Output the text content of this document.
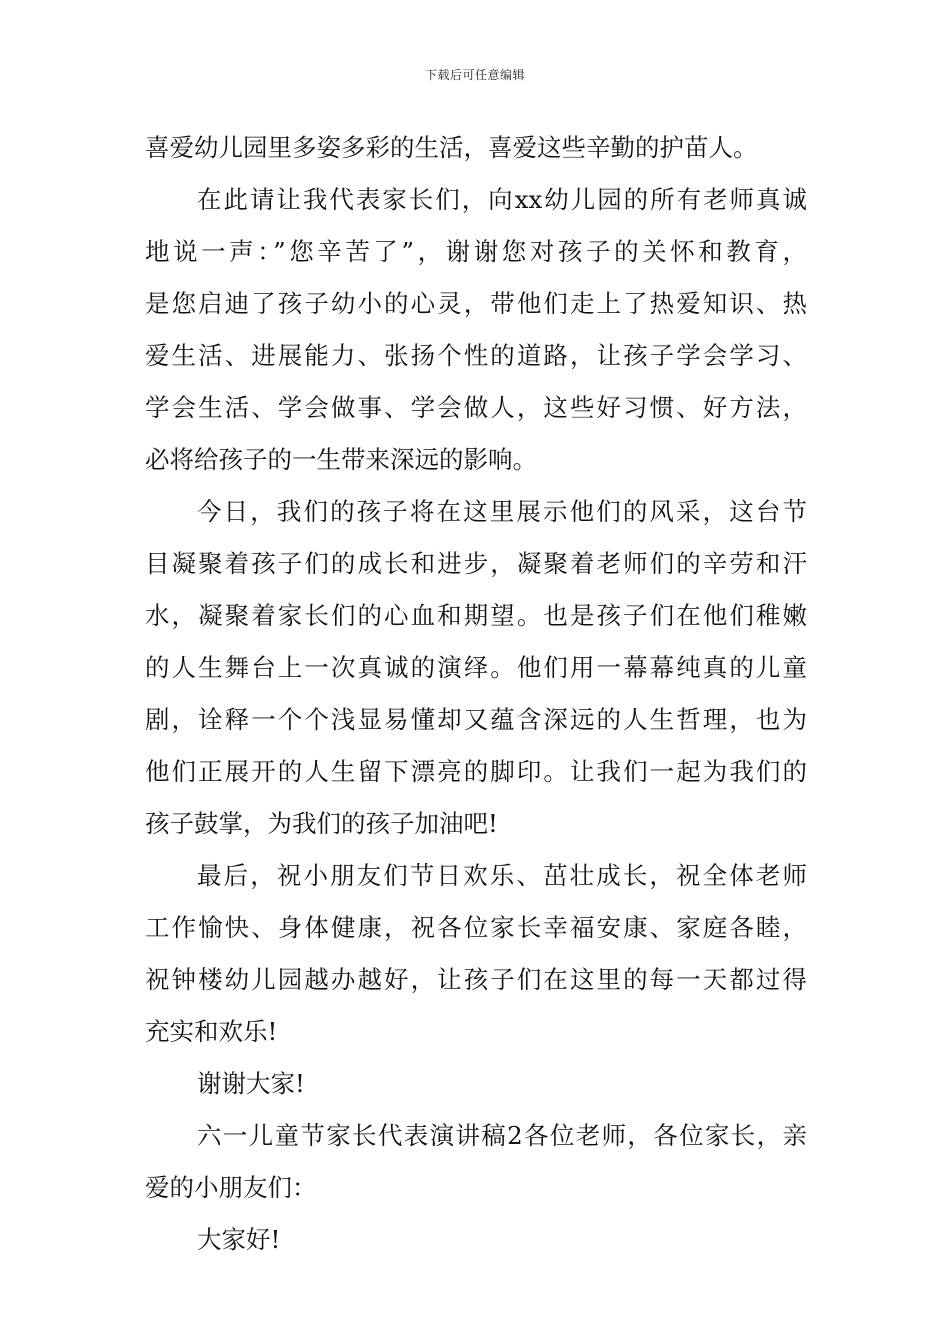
下载后可任意编辑
喜爱幼儿园里多姿多彩的生活，喜爱这些辛勤的护苗人。
在此请让我代表家长们，向xx幼儿园的所有老师真诚
地说一声：”您辛苦了”，谢谢您对孩子的关怀和教育，
是您启迪了孩子幼小的心灵，带他们走上了热爱知识、热
爱生活、进展能力、张扬个性的道路，让孩子学会学习、
学会生活、学会做事、学会做人，这些好习惯、好方法，
必将给孩子的一生带来深远的影响。
今日，我们的孩子将在这里展示他们的风采，这台节
目凝聚着孩子们的成长和进步，凝聚着老师们的辛劳和汗
水，凝聚着家长们的心血和期望。也是孩子们在他们稚嫩
的人生舞台上一次真诚的演绎。他们用一幕幕纯真的儿童
剧，诠释一个个浅显易懂却又蕴含深远的人生哲理，也为
他们正展开的人生留下漂亮的脚印。让我们一起为我们的
孩子鼓掌，为我们的孩子加油吧!
最后，祝小朋友们节日欢乐、茁壮成长，祝全体老师
工作愉快、身体健康，祝各位家长幸福安康、家庭各睦，
祝钟楼幼儿园越办越好，让孩子们在这里的每一天都过得
充实和欢乐!
谢谢大家!
六一儿童节家长代表演讲稿2各位老师，各位家长，亲
爱的小朋友们：
大家好!
